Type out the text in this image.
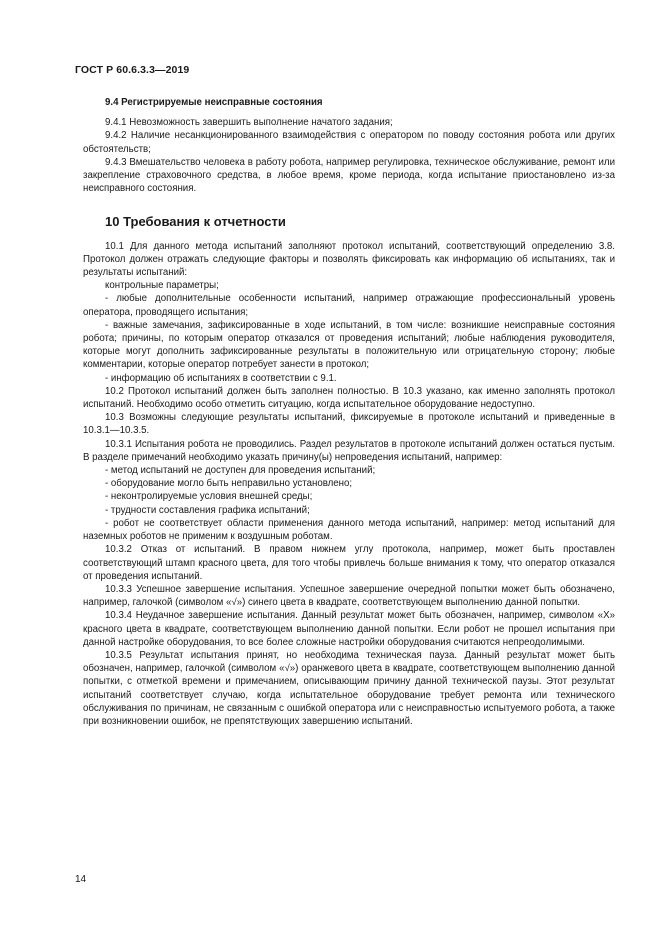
ГОСТ Р 60.6.3.3—2019
9.4 Регистрируемые неисправные состояния

9.4.1 Невозможность завершить выполнение начатого задания;

9.4.2 Наличие несанкционированного взаимодействия с оператором по поводу состояния робота или других обстоятельств;

9.4.3 Вмешательство человека в работу робота, например регулировка, техническое обслуживание, ремонт или закрепление страховочного средства, в любое время, кроме периода, когда испытание приостановлено из-за неисправного состояния.

10 Требования к отчетности

10.1 Для данного метода испытаний заполняют протокол испытаний, соответствующий определению 3.8. Протокол должен отражать следующие факторы и позволять фиксировать как информацию об испытаниях, так и результаты испытаний:

контрольные параметры;

- любые дополнительные особенности испытаний, например отражающие профессиональный уровень оператора, проводящего испытания;

- важные замечания, зафиксированные в ходе испытаний, в том числе: возникшие неисправные состояния робота; причины, по которым оператор отказался от проведения испытаний; любые наблюдения руководителя, которые могут дополнить зафиксированные результаты в положительную или отрицательную сторону; любые комментарии, которые оператор потребует занести в протокол;

- информацию об испытаниях в соответствии с 9.1.

10.2 Протокол испытаний должен быть заполнен полностью. В 10.3 указано, как именно заполнять протокол испытаний. Необходимо особо отметить ситуацию, когда испытательное оборудование недоступно.

10.3 Возможны следующие результаты испытаний, фиксируемые в протоколе испытаний и приведенные в 10.3.1—10.3.5.

10.3.1 Испытания робота не проводились. Раздел результатов в протоколе испытаний должен остаться пустым. В разделе примечаний необходимо указать причину(ы) непроведения испытаний, например:

- метод испытаний не доступен для проведения испытаний;

- оборудование могло быть неправильно установлено;

- неконтролируемые условия внешней среды;

- трудности составления графика испытаний;

- робот не соответствует области применения данного метода испытаний, например: метод испытаний для наземных роботов не применим к воздушным роботам.

10.3.2 Отказ от испытаний. В правом нижнем углу протокола, например, может быть проставлен соответствующий штамп красного цвета, для того чтобы привлечь больше внимания к тому, что оператор отказался от проведения испытаний.

10.3.3 Успешное завершение испытания. Успешное завершение очередной попытки может быть обозначено, например, галочкой (символом «√») синего цвета в квадрате, соответствующем выполнению данной попытки.

10.3.4 Неудачное завершение испытания. Данный результат может быть обозначен, например, символом «X» красного цвета в квадрате, соответствующем выполнению данной попытки. Если робот не прошел испытания при данной настройке оборудования, то все более сложные настройки оборудования считаются непреодолимыми.

10.3.5 Результат испытания принят, но необходима техническая пауза. Данный результат может быть обозначен, например, галочкой (символом «√») оранжевого цвета в квадрате, соответствующем выполнению данной попытки, с отметкой времени и примечанием, описывающим причину данной технической паузы. Этот результат испытаний соответствует случаю, когда испытательное оборудование требует ремонта или технического обслуживания по причинам, не связанным с ошибкой оператора или с неисправностью испытуемого робота, а также при возникновении ошибок, не препятствующих завершению испытаний.

14
